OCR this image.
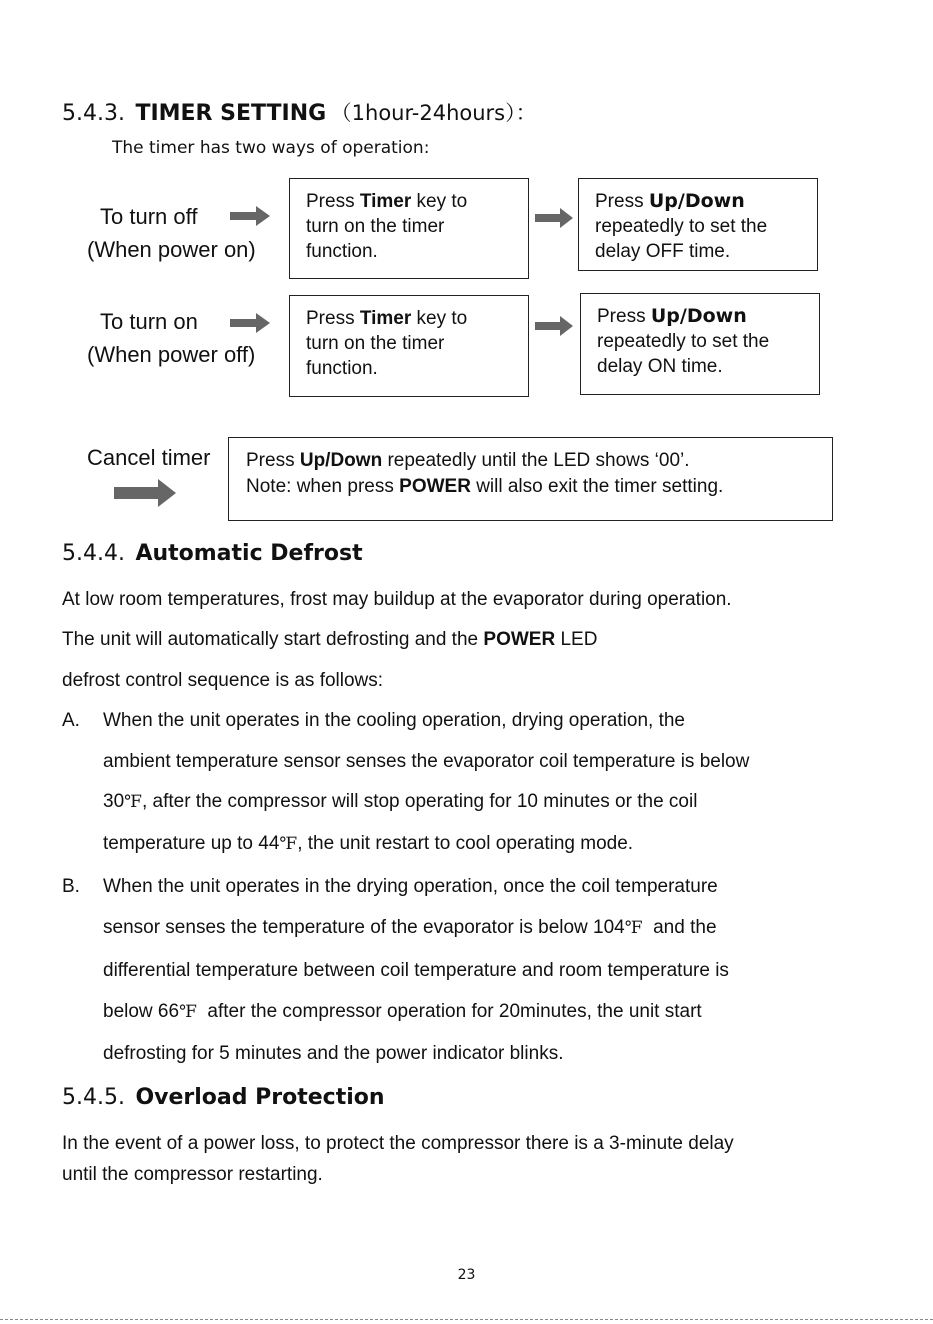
5.4.3. TIMER SETTING （1hour-24hours）：
The timer has two ways of operation:
To turn off
(When power on)
Press Timer key to
turn on the timer
function.
Press Up/Down
repeatedly to set the
delay OFF time.
To turn on
(When power off)
Press Timer key to
turn on the timer
function.
Press Up/Down
repeatedly to set the
delay ON time.
Cancel timer Press Up/Down repeatedly until the LED shows ‘00’.
Note: when press POWER will also exit the timer setting.
5.4.4. Automatic Defrost
At low room temperatures, frost may buildup at the evaporator during operation.
The unit will automatically start defrosting and the POWER LED
defrost control sequence is as follows:
A. When the unit operates in the cooling operation, drying operation, the
ambient temperature sensor senses the evaporator coil temperature is below
30℉, after the compressor will stop operating for 10 minutes or the coil
temperature up to 44℉, the unit restart to cool operating mode.
B. When the unit operates in the drying operation, once the coil temperature
sensor senses the temperature of the evaporator is below 104℉  and the
differential temperature between coil temperature and room temperature is
below 66℉  after the compressor operation for 20minutes, the unit start
defrosting for 5 minutes and the power indicator blinks.
5.4.5. Overload Protection
In the event of a power loss, to protect the compressor there is a 3-minute delay
until the compressor restarting.
23
